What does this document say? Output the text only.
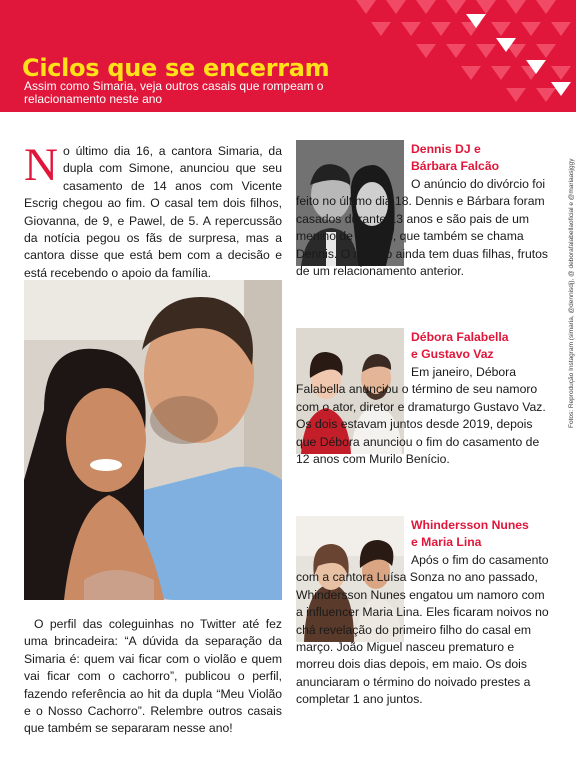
Ciclos que se encerram
Assim como Simaria, veja outros casais que rompeam o relacionamento neste ano

No último dia 16, a cantora Simaria, da dupla com Simone, anunciou que seu casamento de 14 anos com Vicente Escrig chegou ao fim. O casal tem dois filhos, Giovanna, de 9, e Pawel, de 5. A repercussão da notícia pegou os fãs de surpresa, mas a cantora disse que está bem com a decisão e está recebendo o apoio da família.

O perfil das coleguinhas no Twitter até fez uma brincadeira: “A dúvida da separação da Simaria é: quem vai ficar com o violão e quem vai ficar com o cachorro”, publicou o perfil, fazendo referência ao hit da dupla “Meu Violão e o Nosso Cachorro”. Relembre outros casais que também se separaram nesse ano!

Dennis DJ e
Bárbara Falcão

O anúncio do divórcio foi feito no último dia 18. Dennis e Bárbara foram casados durante 13 anos e são pais de um menino de 2 anos, que também se chama Dennis. O músico ainda tem duas filhas, frutos de um relacionamento anterior.

Débora Falabella
e Gustavo Vaz

Em janeiro, Débora Falabella anunciou o término de seu namoro com o ator, diretor e dramaturgo Gustavo Vaz. Os dois estavam juntos desde 2019, depois que Débora anunciou o fim do casamento de 12 anos com Murilo Benício.

Whindersson Nunes
e Maria Lina

Após o fim do casamento com a cantora Luísa Sonza no ano passado, Whindersson Nunes engatou um namoro com a influencer Maria Lina. Eles ficaram noivos no chá revelação do primeiro filho do casal em março. João Miguel nasceu prematuro e morreu dois dias depois, em maio. Os dois anunciaram o término do noivado prestes a completar 1 ano juntos.

Fotos: Reprodução Instagram (simaria, @dennisdj), @ deborafalabellaoficial e @mariaasjggy
